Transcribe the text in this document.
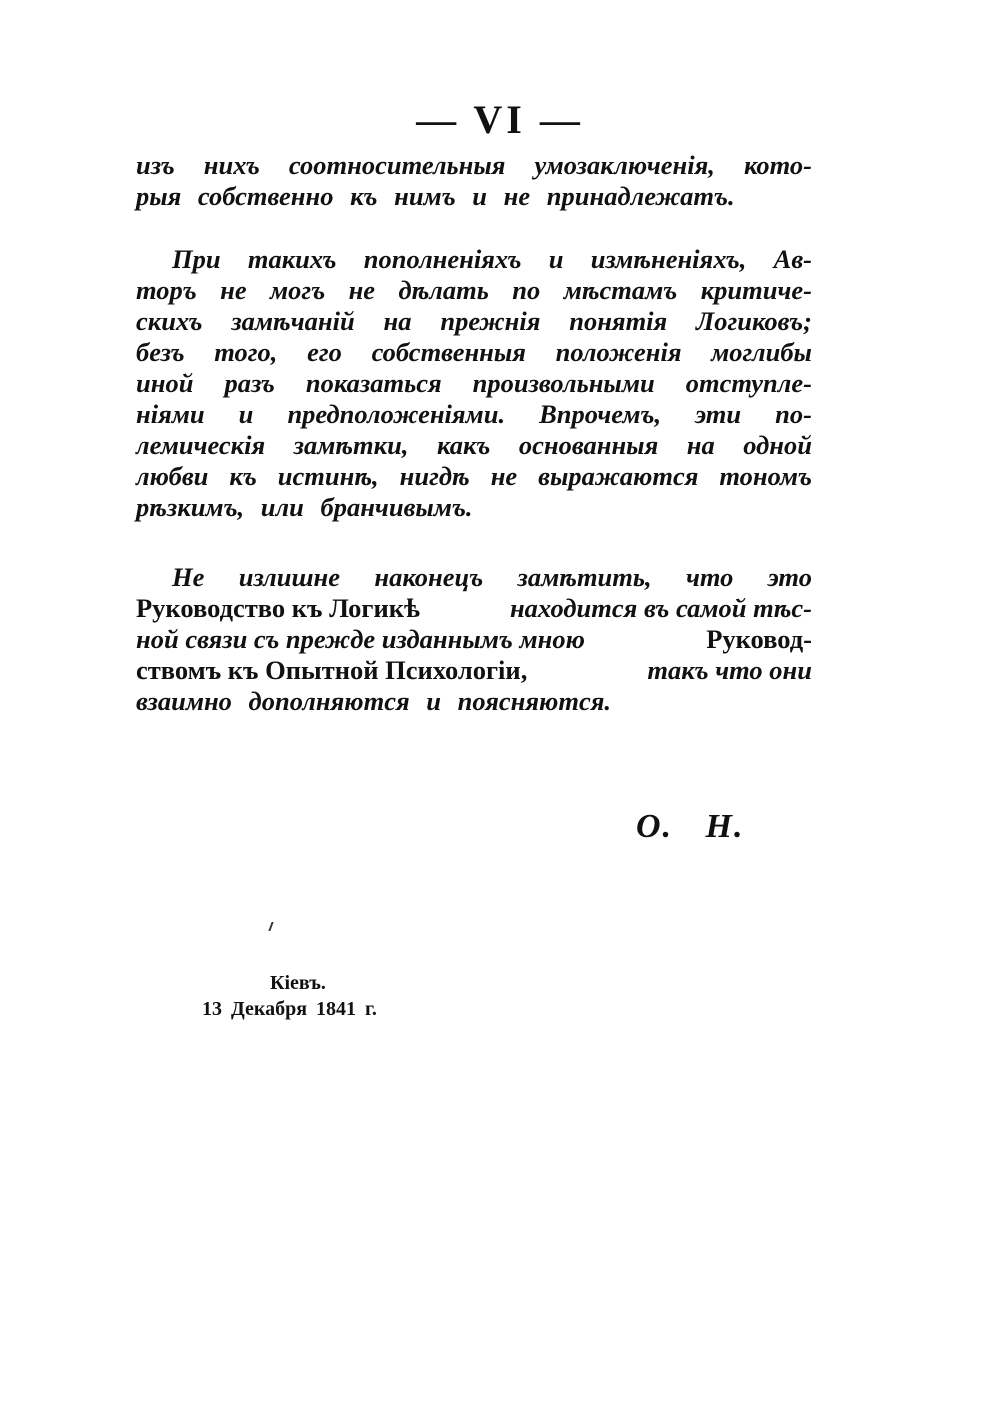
— VI —
изъ нихъ соотносительныя умозаключенія, кото-
рыя собственно къ нимъ и не принадлежатъ.
При такихъ пополненіяхъ и измѣненіяхъ, Ав-
торъ не могъ не дѣлать по мѣстамъ критиче-
скихъ замѣчаній на прежнія понятія Логиковъ;
безъ того, его собственныя положенія моглибы
иной разъ показаться произвольными отступле-
ніями и предположеніями. Впрочемъ, эти по-
лемическія замѣтки, какъ основанныя на одной
любви къ истинѣ, нигдѣ не выражаются тономъ
рѣзкимъ, или бранчивымъ.
Не излишне наконецъ замѣтить, что это
Руководство къ Логикѣ	находится въ самой тѣс-
ной связи съ прежде изданнымъ мною	Руковод-
ствомъ къ Опытной Психологіи,	такъ что они
взаимно дополняются и поясняются.
О. Н.
Кіевъ.
13 Декабря 1841 г.
